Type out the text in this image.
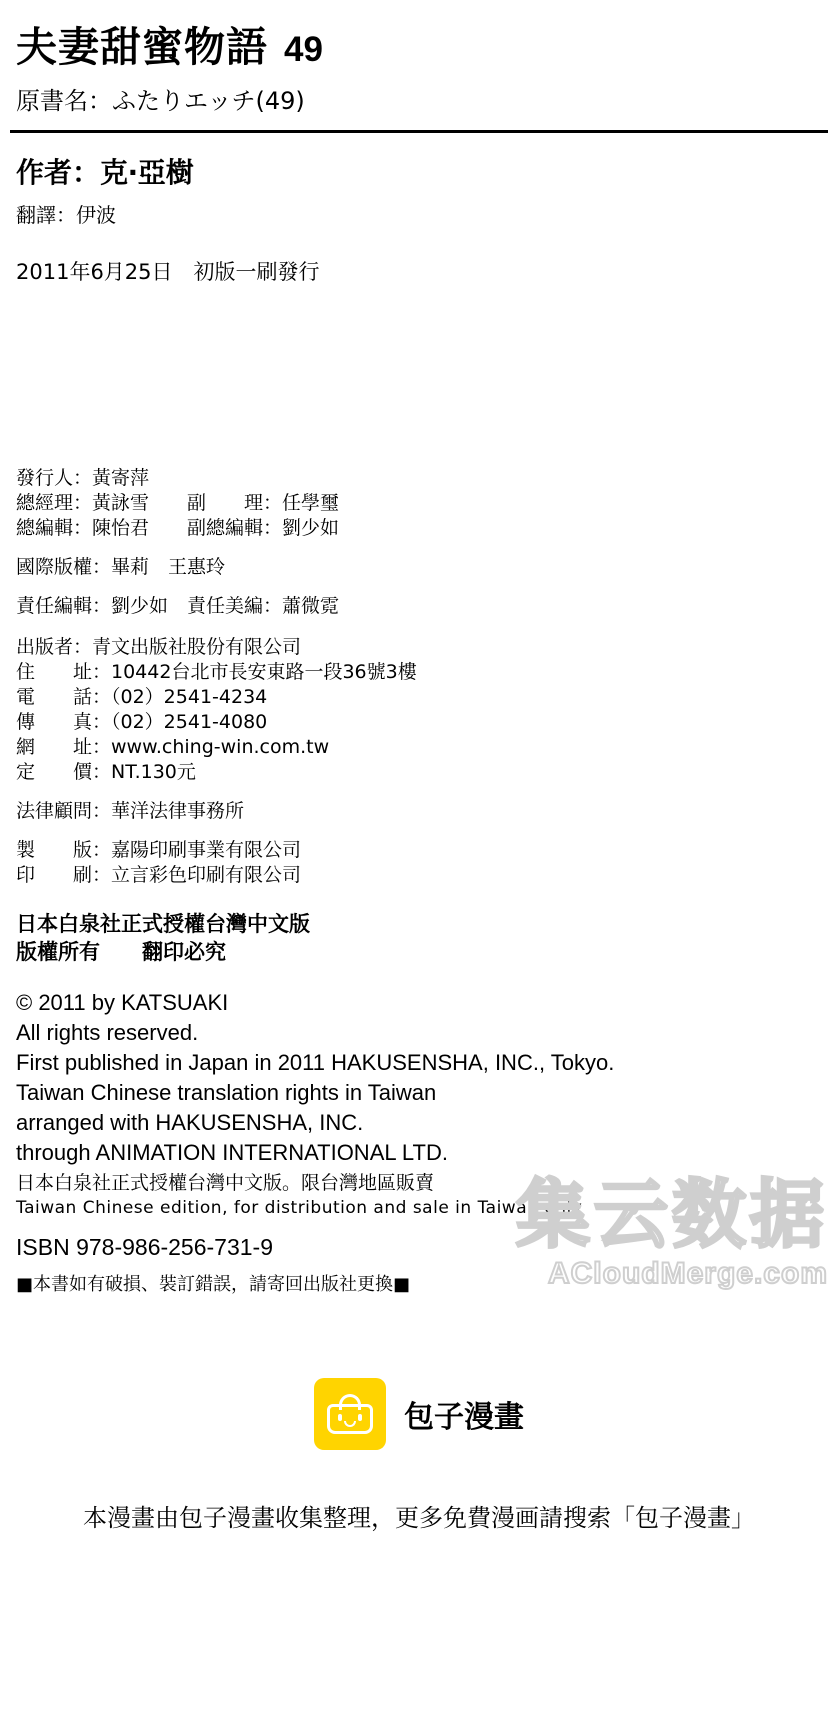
夫妻甜蜜物語 49
原書名：ふたりエッチ(49)
作者：克‧亞樹
翻譯：伊波
2011年6月25日　初版一刷發行
發行人：黃寄萍
總經理：黃詠雪　　副　　理：任學璽
總編輯：陳怡君　　副總編輯：劉少如
國際版權：畢莉　王惠玲
責任編輯：劉少如　責任美編：蕭微霓
出版者：青文出版社股份有限公司
住　　址：10442台北市長安東路一段36號3樓
電　　話：（02）2541-4234
傳　　真：（02）2541-4080
網　　址：www.ching-win.com.tw
定　　價：NT.130元
法律顧問：華洋法律事務所
製　　版：嘉陽印刷事業有限公司
印　　刷：立言彩色印刷有限公司
日本白泉社正式授權台灣中文版
版權所有　　翻印必究
© 2011 by KATSUAKI
All rights reserved.
First published in Japan in 2011 HAKUSENSHA, INC., Tokyo.
Taiwan Chinese translation rights in Taiwan
arranged with HAKUSENSHA, INC.
through ANIMATION INTERNATIONAL LTD.
日本白泉社正式授權台灣中文版。限台灣地區販賣
Taiwan Chinese edition, for distribution and sale in Taiwan only
ISBN 978-986-256-731-9
■本書如有破損、裝訂錯誤，請寄回出版社更換■
集云数据
ACloudMerge.com
包子漫畫
本漫畫由包子漫畫收集整理，更多免費漫画請搜索「包子漫畫」
